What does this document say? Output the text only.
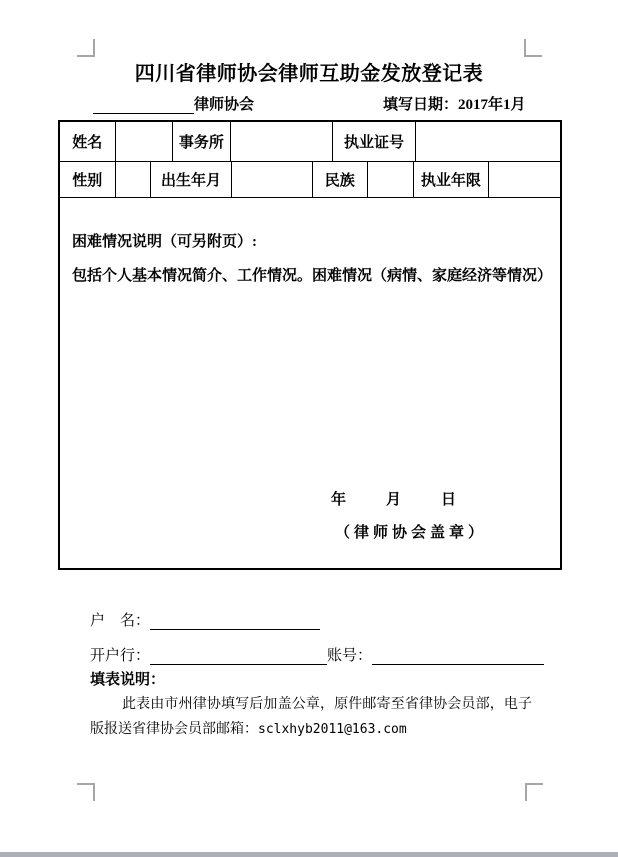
四川省律师协会律师互助金发放登记表
律师协会	填写日期：2017年1月
姓名	事务所	执业证号
性别	出生年月	民族	执业年限
困难情况说明（可另附页）:
包括个人基本情况简介、工作情况。困难情况（病情、家庭经济等情况）
年	月	日
（律师协会盖章）
户　名：
开户行：	账号：
填表说明：
此表由市州律协填写后加盖公章，原件邮寄至省律协会员部，电子版报送省律协会员部邮箱：sclxhyb2011@163.com
